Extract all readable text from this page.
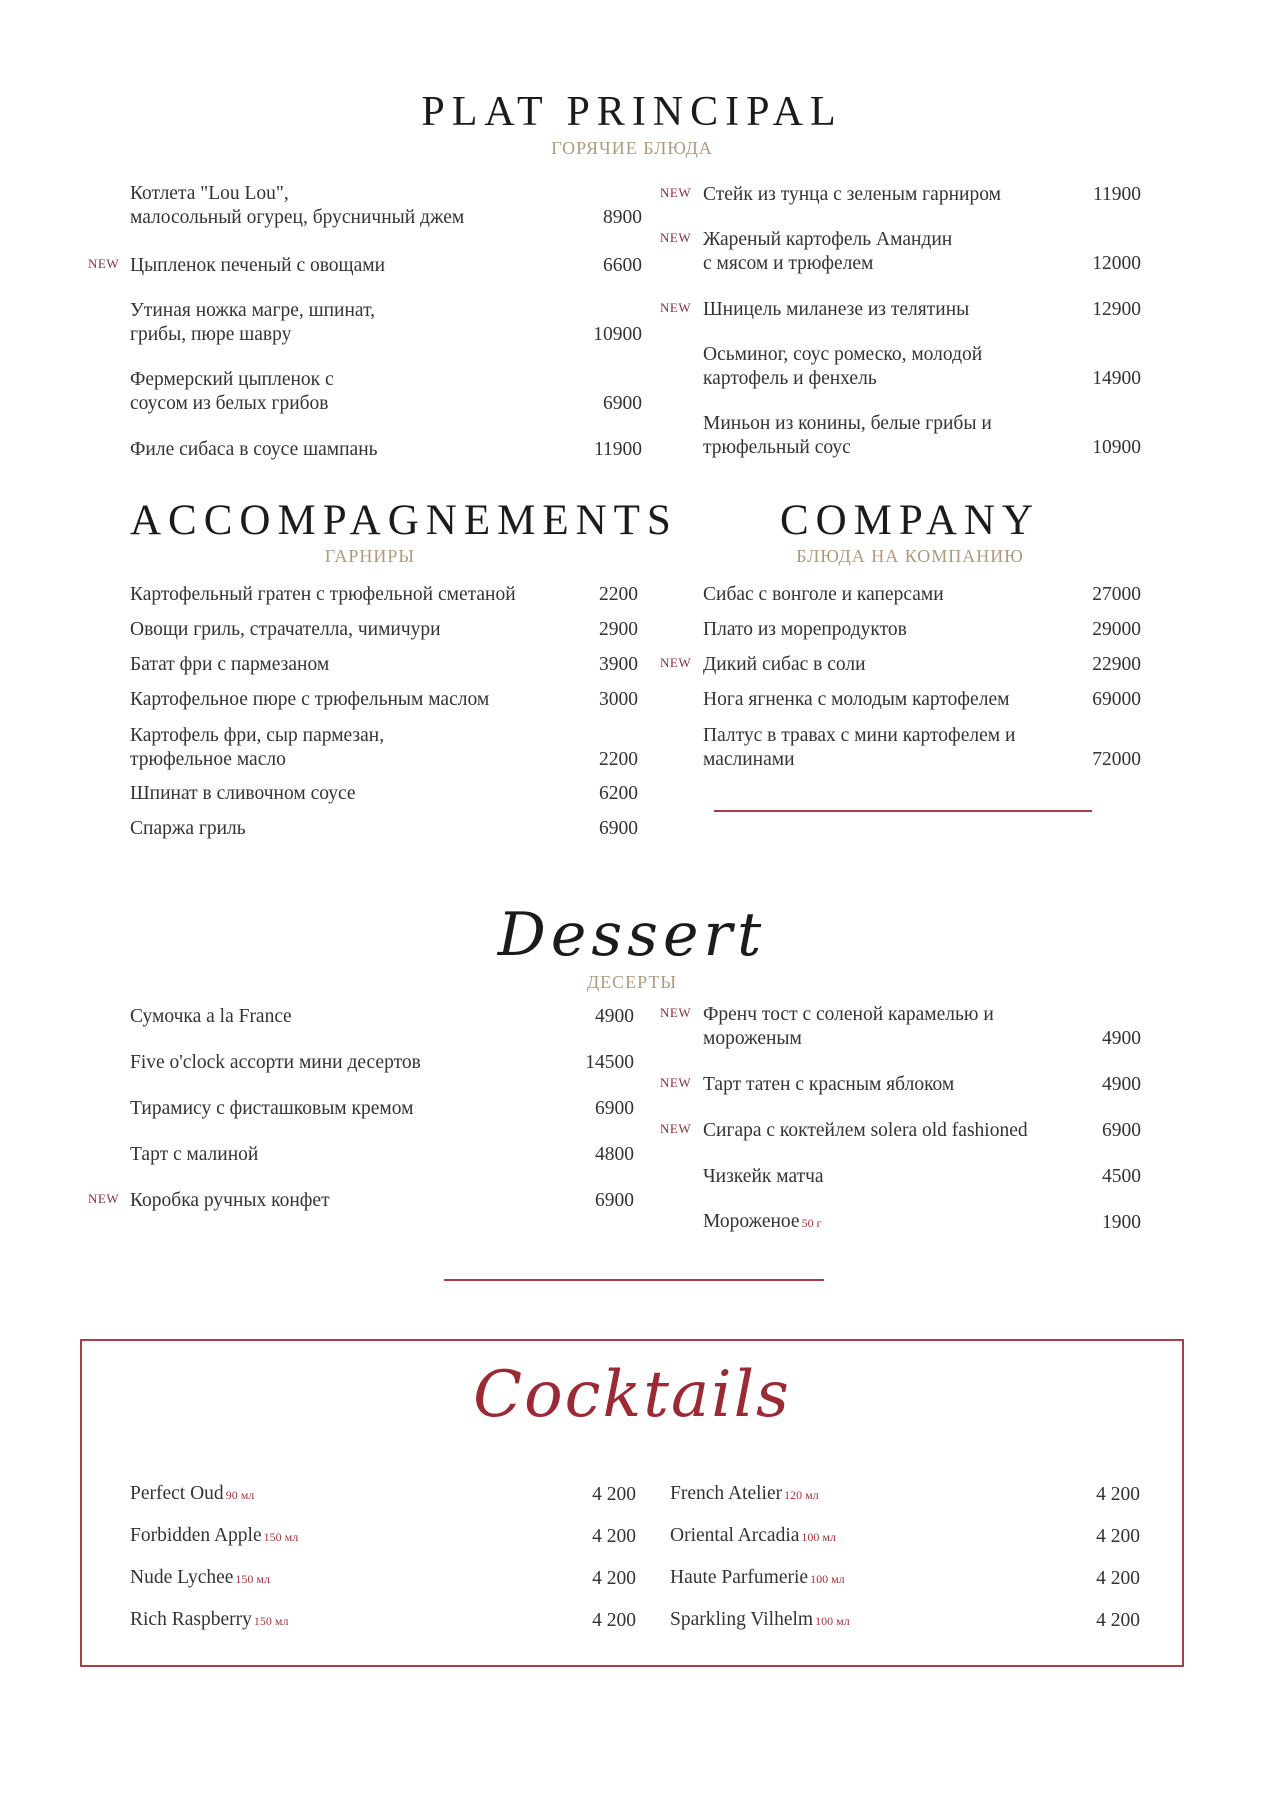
PLAT PRINCIPAL
ГОРЯЧИЕ БЛЮДА
Котлета "Lou Lou",
малосольный огурец, брусничный джем	8900
NEW Цыпленок печеный с овощами	6600
Утиная ножка магре, шпинат,
грибы, пюре шавру	10900
Фермерский цыпленок с
соусом из белых грибов	6900
Филе сибаса в соусе шампань	11900
NEW Стейк из тунца с зеленым гарниром	11900
NEW Жареный картофель Амандин
с мясом и трюфелем	12000
NEW Шницель миланезе из телятины	12900
Осьминог, соус ромеско, молодой
картофель и фенхель	14900
Миньон из конины, белые грибы и
трюфельный соус	10900
ACCOMPAGNEMENTS
ГАРНИРЫ
Картофельный гратен с трюфельной сметаной	2200
Овощи гриль, страчателла, чимичури	2900
Батат фри с пармезаном	3900
Картофельное пюре с трюфельным маслом	3000
Картофель фри, сыр пармезан,
трюфельное масло	2200
Шпинат в сливочном соусе	6200
Спаржа гриль	6900
COMPANY
БЛЮДА НА КОМПАНИЮ
Сибас с вонголе и каперсами	27000
Плато из морепродуктов	29000
NEW Дикий сибас в соли	22900
Нога ягненка с молодым картофелем	69000
Палтус в травах с мини картофелем и
маслинами	72000
Dessert
ДЕСЕРТЫ
Сумочка a la France	4900
Five o'clock ассорти мини десертов	14500
Тирамису с фисташковым кремом	6900
Тарт с малиной	4800
NEW Коробка ручных конфет	6900
NEW Френч тост с соленой карамелью и
мороженым	4900
NEW Тарт татен с красным яблоком	4900
NEW Сигара с коктейлем solera old fashioned	6900
Чизкейк матча	4500
Мороженое 50 г	1900
Cocktails
Perfect Oud 90 мл	4 200
Forbidden Apple 150 мл	4 200
Nude Lychee 150 мл	4 200
Rich Raspberry 150 мл	4 200
French Atelier 120 мл	4 200
Oriental Arcadia 100 мл	4 200
Haute Parfumerie 100 мл	4 200
Sparkling Vilhelm 100 мл	4 200
